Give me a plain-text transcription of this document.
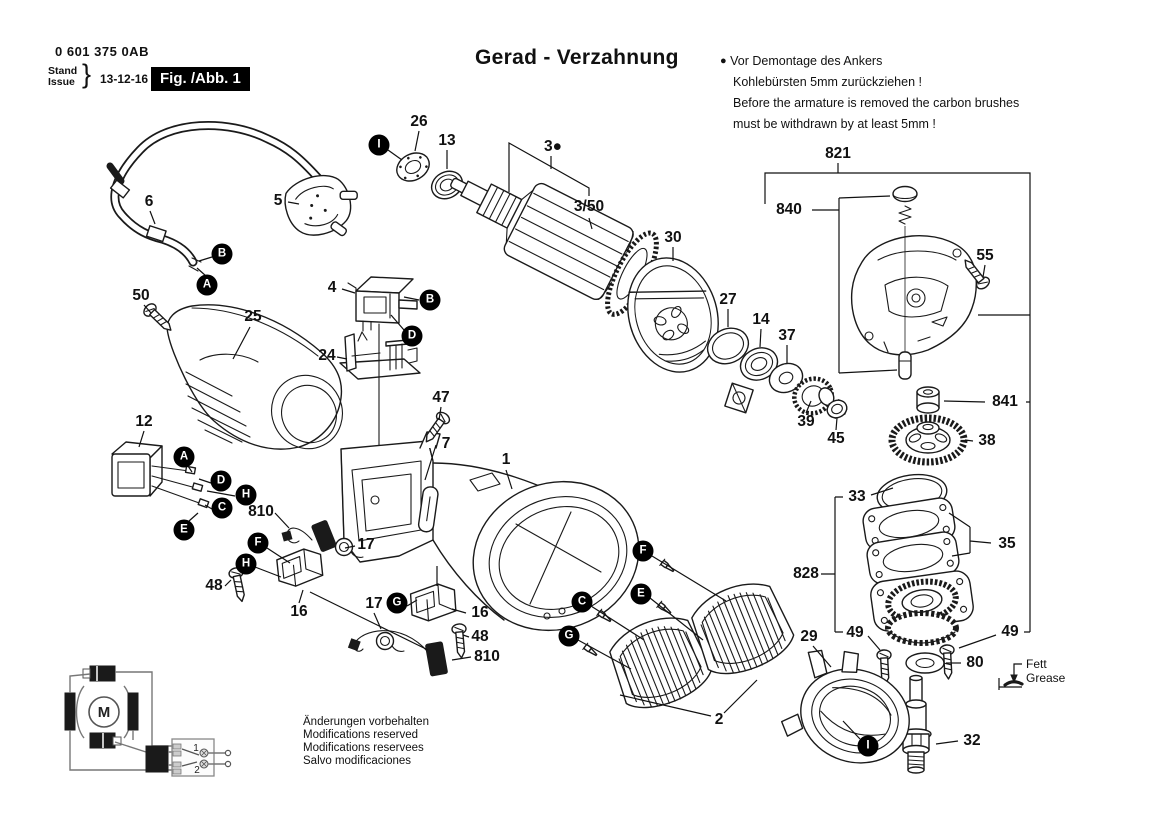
M
1
2
0 601 375 0AB
Stand
Issue } 13-12-16 Fig. /Abb. 1
Gerad - Verzahnung	● Vor Demontage des Ankers
Kohlebürsten 5mm zurückziehen !

Before the armature is removed the carbon brushes
must be withdrawn by at least 5mm !

Fett
Grease
Änderungen vorbehalten
Modifications reserved
Modifications reservees
Salvo modificaciones
26
13	3●
3/50
30
6	5
50
25
4
24
47
7
1
27
14
37
39
45
821
840
55
841
38
33
35
828
49	49
80
29
32
12
810
17
48
16	17
16
48
810
2
I
B
A
B
D
A
D
H
C
E
F
H
G
F
E
C
G
I
